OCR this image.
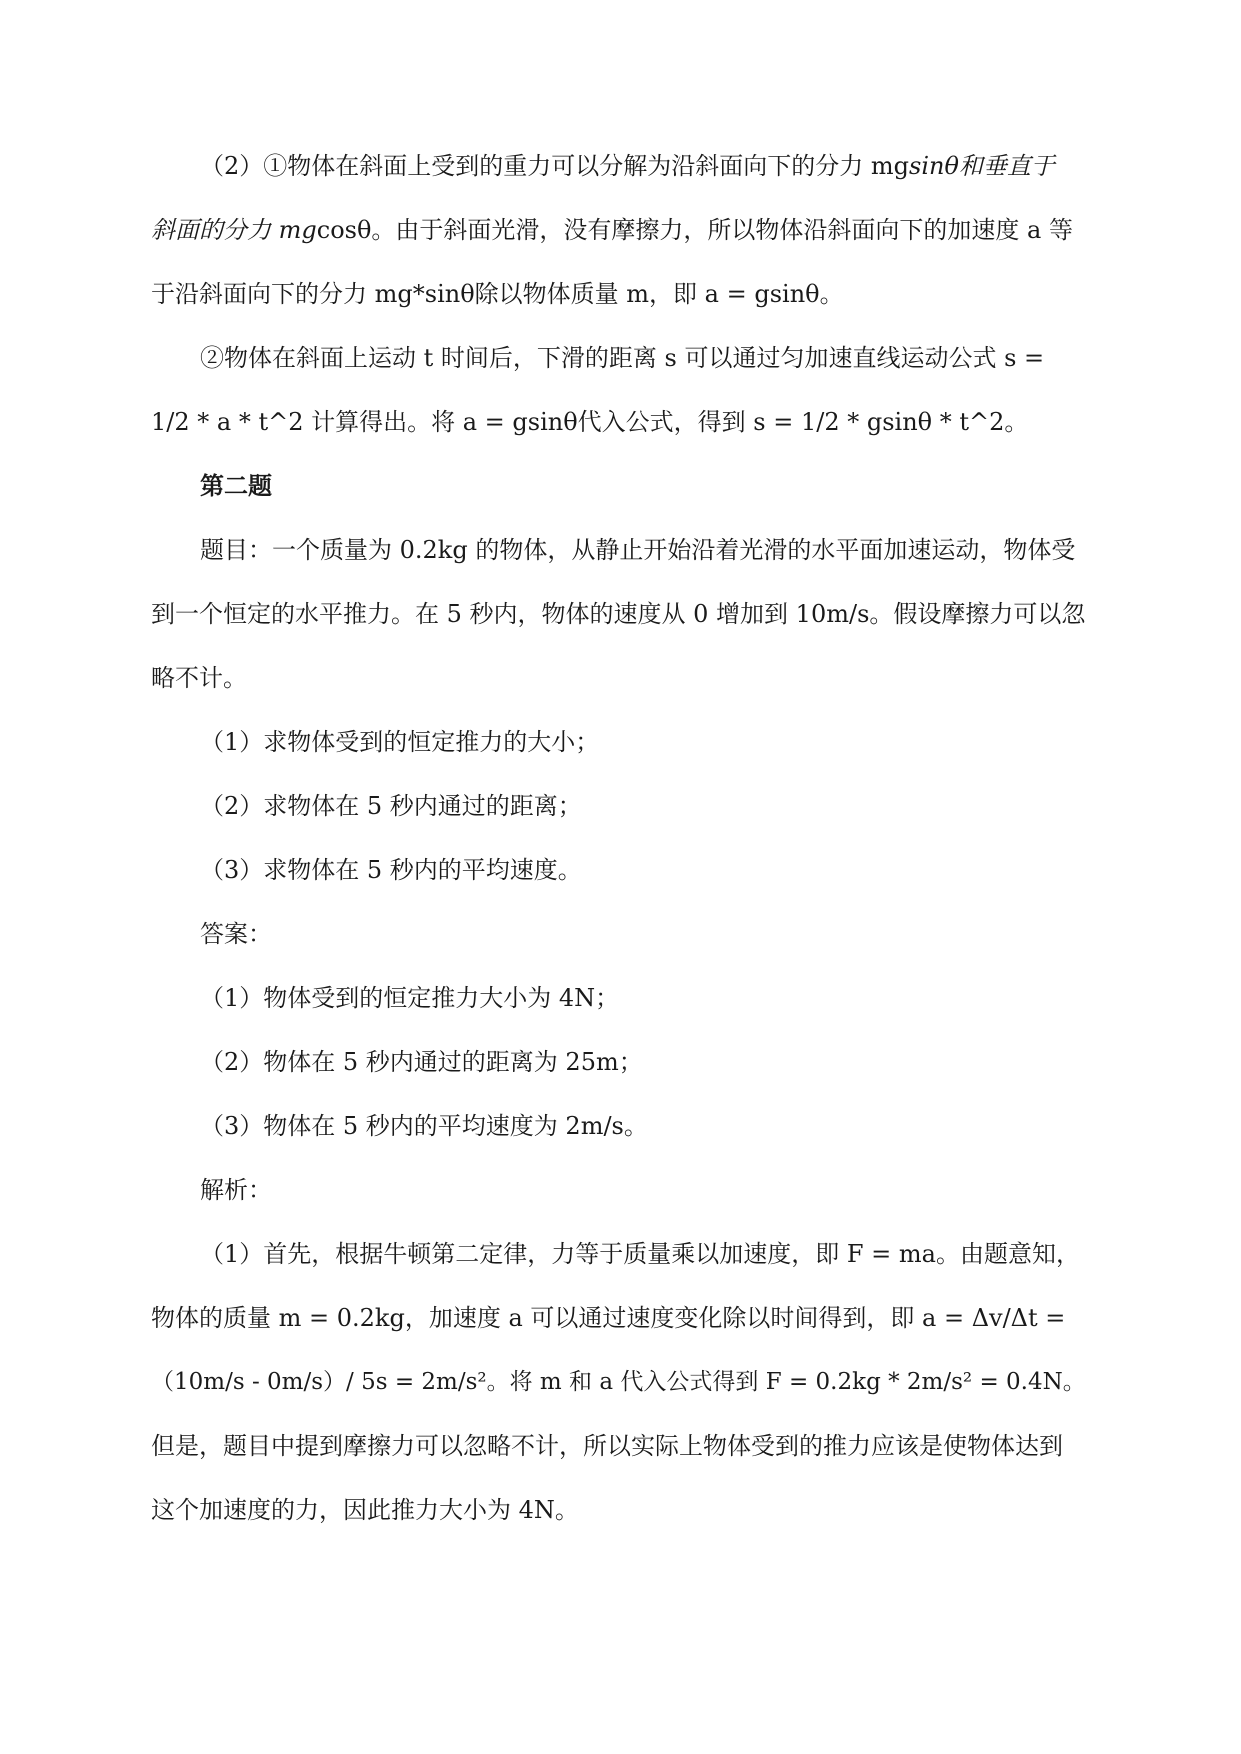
（2）①物体在斜面上受到的重力可以分解为沿斜面向下的分力 mgsinθ和垂直于
斜面的分力 mgcosθ。由于斜面光滑，没有摩擦力，所以物体沿斜面向下的加速度 a 等
于沿斜面向下的分力 mg*sinθ除以物体质量 m，即 a = gsinθ。
②物体在斜面上运动 t 时间后，下滑的距离 s 可以通过匀加速直线运动公式 s =
1/2 * a * t^2 计算得出。将 a = gsinθ代入公式，得到 s = 1/2 * gsinθ * t^2。
第二题
题目：一个质量为 0.2kg 的物体，从静止开始沿着光滑的水平面加速运动，物体受
到一个恒定的水平推力。在 5 秒内，物体的速度从 0 增加到 10m/s。假设摩擦力可以忽
略不计。
（1）求物体受到的恒定推力的大小；
（2）求物体在 5 秒内通过的距离；
（3）求物体在 5 秒内的平均速度。
答案：
（1）物体受到的恒定推力大小为 4N；
（2）物体在 5 秒内通过的距离为 25m；
（3）物体在 5 秒内的平均速度为 2m/s。
解析：
（1）首先，根据牛顿第二定律，力等于质量乘以加速度，即 F = ma。由题意知，
物体的质量 m = 0.2kg，加速度 a 可以通过速度变化除以时间得到，即 a = Δv/Δt =
（10m/s - 0m/s）/ 5s = 2m/s²。将 m 和 a 代入公式得到 F = 0.2kg * 2m/s² = 0.4N。
但是，题目中提到摩擦力可以忽略不计，所以实际上物体受到的推力应该是使物体达到
这个加速度的力，因此推力大小为 4N。
